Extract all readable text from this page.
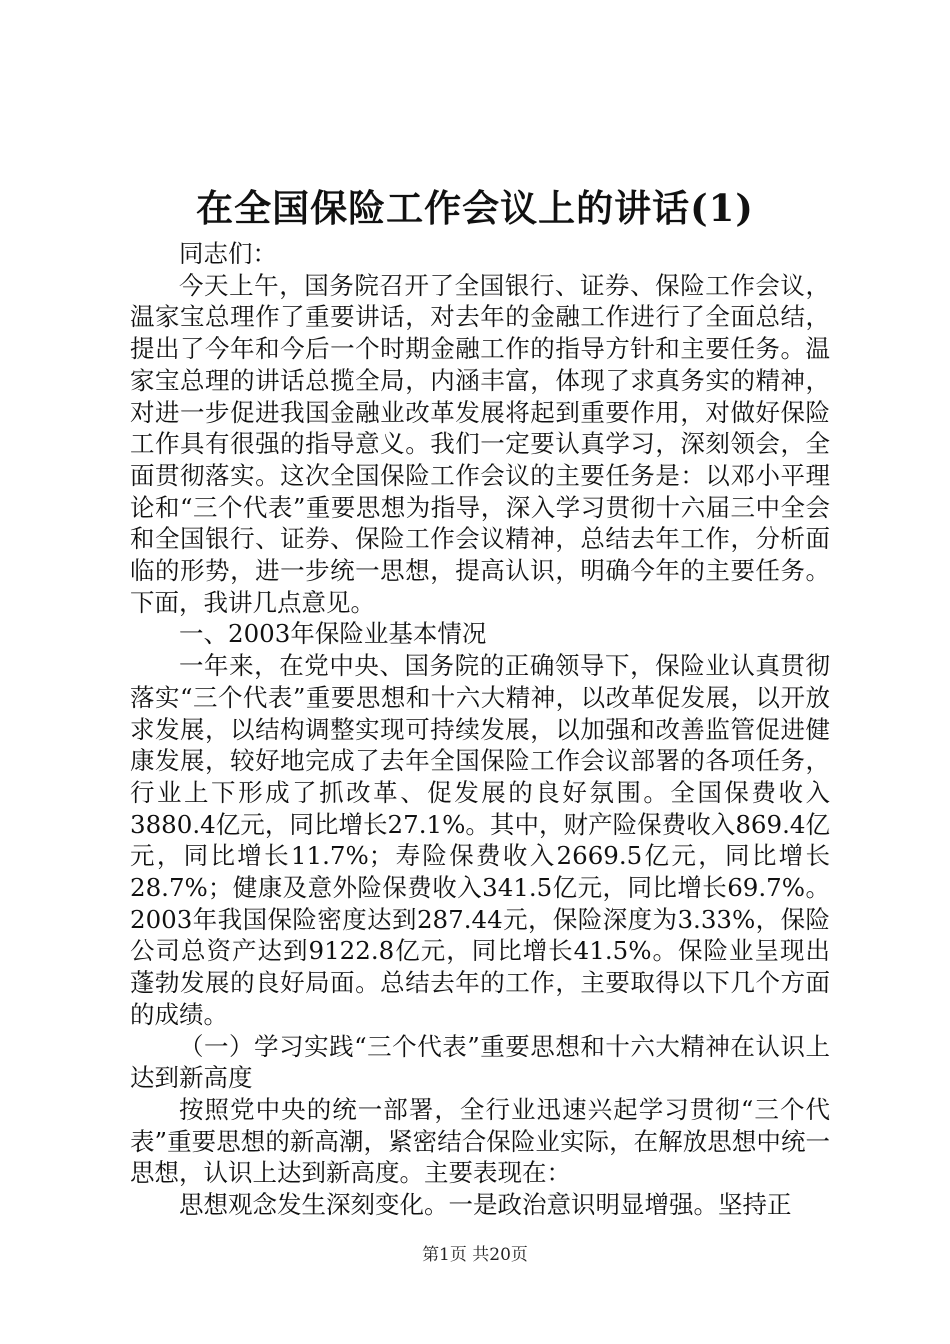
在全国保险工作会议上的讲话(1)

同志们：

今天上午，国务院召开了全国银行、证券、保险工作会议，温家宝总理作了重要讲话，对去年的金融工作进行了全面总结，提出了今年和今后一个时期金融工作的指导方针和主要任务。温家宝总理的讲话总揽全局，内涵丰富，体现了求真务实的精神，对进一步促进我国金融业改革发展将起到重要作用，对做好保险工作具有很强的指导意义。我们一定要认真学习，深刻领会，全面贯彻落实。这次全国保险工作会议的主要任务是：以邓小平理论和“三个代表”重要思想为指导，深入学习贯彻十六届三中全会和全国银行、证券、保险工作会议精神，总结去年工作，分析面临的形势，进一步统一思想，提高认识，明确今年的主要任务。下面，我讲几点意见。

一、2003年保险业基本情况

一年来，在党中央、国务院的正确领导下，保险业认真贯彻落实“三个代表”重要思想和十六大精神，以改革促发展，以开放求发展，以结构调整实现可持续发展，以加强和改善监管促进健康发展，较好地完成了去年全国保险工作会议部署的各项任务，行业上下形成了抓改革、促发展的良好氛围。全国保费收入3880.4亿元，同比增长27.1%。其中，财产险保费收入869.4亿元，同比增长11.7%；寿险保费收入2669.5亿元，同比增长28.7%；健康及意外险保费收入341.5亿元，同比增长69.7%。2003年我国保险密度达到287.44元，保险深度为3.33%，保险公司总资产达到9122.8亿元，同比增长41.5%。保险业呈现出蓬勃发展的良好局面。总结去年的工作，主要取得以下几个方面的成绩。

（一）学习实践“三个代表”重要思想和十六大精神在认识上达到新高度

按照党中央的统一部署，全行业迅速兴起学习贯彻“三个代表”重要思想的新高潮，紧密结合保险业实际，在解放思想中统一思想，认识上达到新高度。主要表现在：

思想观念发生深刻变化。一是政治意识明显增强。坚持正

第1页 共20页
